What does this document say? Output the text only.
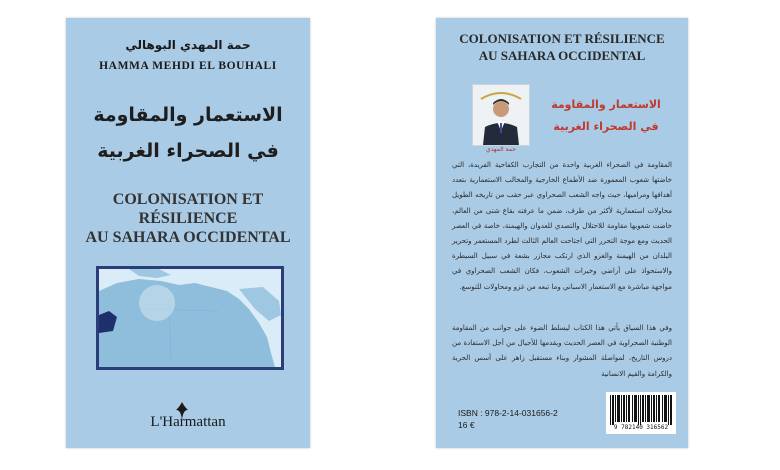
حمة المهدي البوهالي
HAMMA MEHDI EL BOUHALI
الاستعمار والمقاومة
في الصحراء الغربية
COLONISATION ET RÉSILIENCE
AU SAHARA OCCIDENTAL
L'Harmattan
COLONISATION ET RÉSILIENCE
AU SAHARA OCCIDENTAL
حمة المهدي
الاستعمار والمقاومة
في الصحراء الغربية

المقاومة في الصحراء الغربية واحدة من التجارب الكفاحية الفريدة، التي خاضتها شعوب المعمورة ضد الأطماع الخارجية والمخالب الاستعمارية بتعدد أهدافها ومراميها، حيث واجه الشعب الصحراوي عبر حقب من تاريخه الطويل محاولات استعمارية لأكثر من طرف، ضمن ما عرفته بقاع شتى من العالم، خاضت شعوبها مقاومة للاحتلال والتصدي للعدوان والهيمنة، خاصة في العصر الحديث ومع موجة التحرر التي اجتاحت العالم الثالث لطرد المستعمر وتحرير البلدان من الهيمنة والغزو الذي ارتكب مجازر بشعة في سبيل السيطرة والاستحواذ على أراضي وخيرات الشعوب، فكان الشعب الصحراوي في مواجهة مباشرة مع الاستعمار الاسباني وما تبعه من غزو ومحاولات للتوسع.

وفي هذا السياق يأتي هذا الكتاب ليسلط الضوء على جوانب من المقاومة الوطنية الصحراوية في العصر الحديث ويقدمها للأجيال من أجل الاستفادة من دروس التاريخ، لمواصلة المشوار وبناء مستقبل زاهر على أسس الحرية والكرامة والقيم الانسانية

ISBN : 978-2-14-031656-2
16 €	9 782140 316562
